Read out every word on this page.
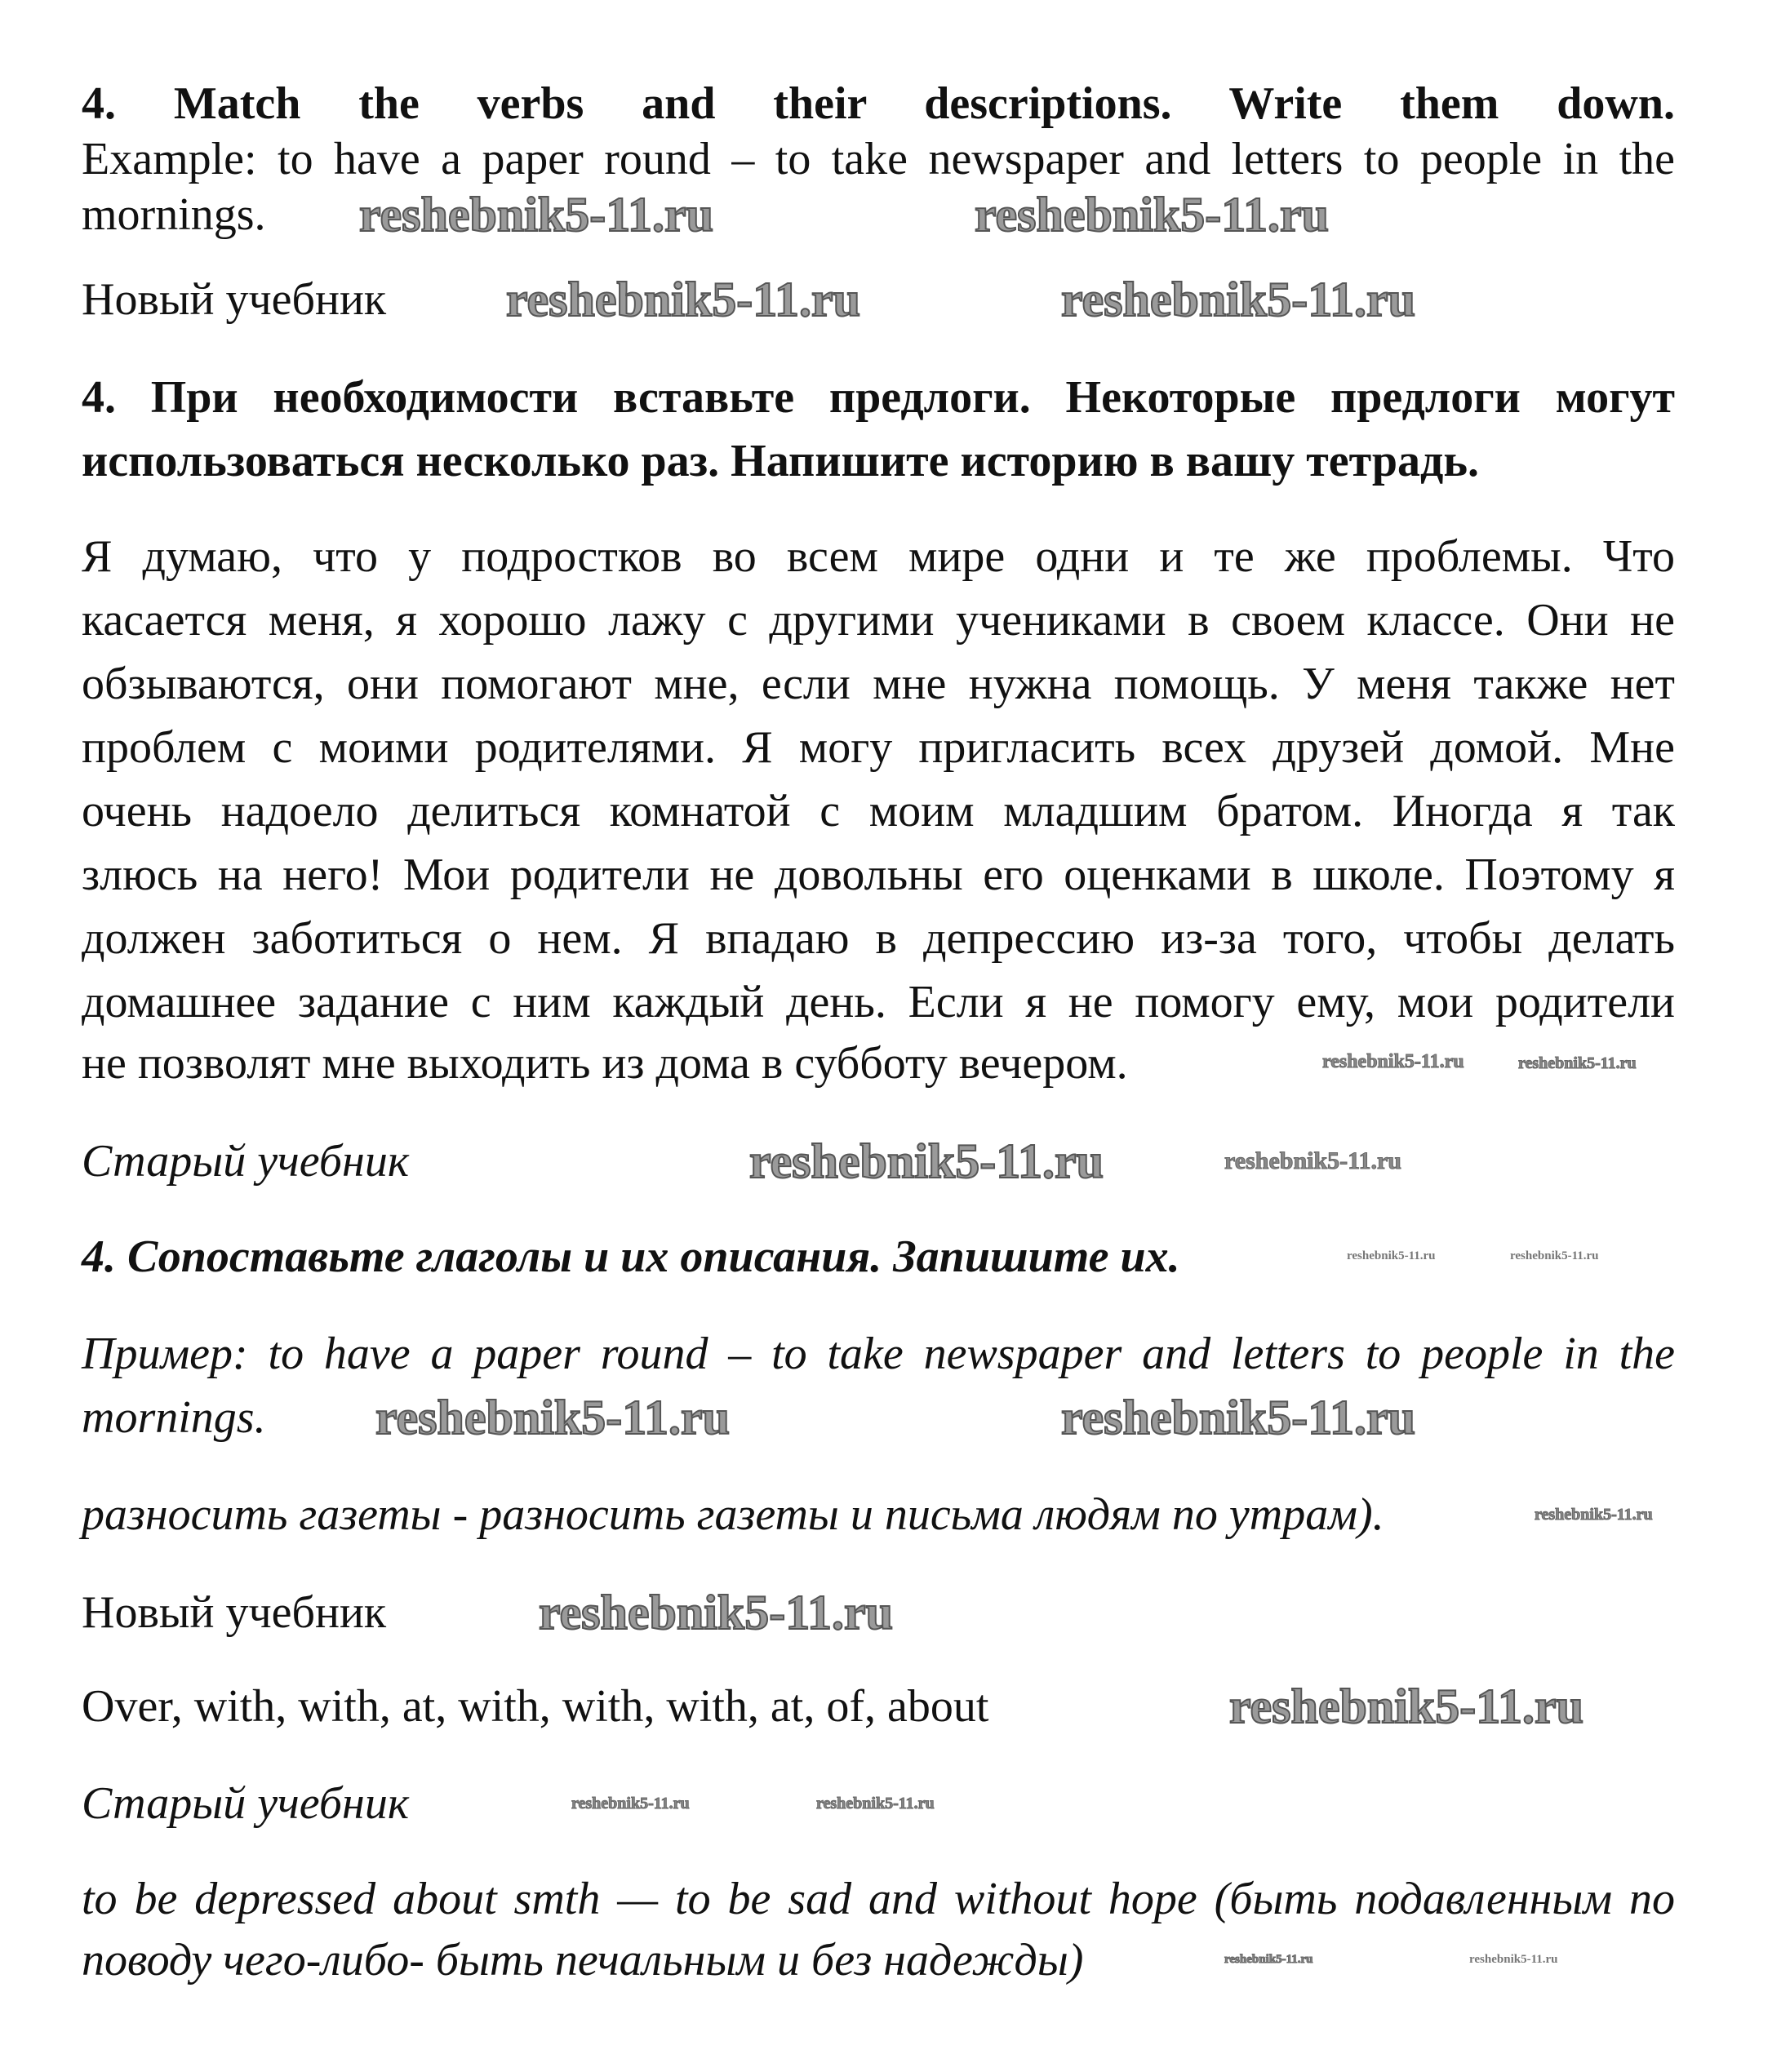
4. Match the verbs and their descriptions. Write them down.

Example: to have a paper round – to take newspaper and letters to people in the

mornings.

Новый учебник

4. При необходимости вставьте предлоги. Некоторые предлоги могут

использоваться несколько раз. Напишите историю в вашу тетрадь.

Я думаю, что у подростков во всем мире одни и те же проблемы. Что

касается меня, я хорошо лажу с другими учениками в своем классе. Они не

обзываются, они помогают мне, если мне нужна помощь. У меня также нет

проблем с моими родителями. Я могу пригласить всех друзей домой. Мне

очень надоело делиться комнатой с моим младшим братом. Иногда я так

злюсь на него! Мои родители не довольны его оценками в школе. Поэтому я

должен заботиться о нем. Я впадаю в депрессию из-за того, чтобы делать

домашнее задание с ним каждый день. Если я не помогу ему, мои родители

не позволят мне выходить из дома в субботу вечером.

Старый учебник

4. Сопоставьте глаголы и их описания. Запишите их.

Пример: to have a paper round – to take newspaper and letters to people in the

mornings.

разносить газеты - разносить газеты и письма людям по утрам).

Новый учебник

Over, with, with, at, with, with, with, at, of, about

Старый учебник

to be depressed about smth — to be sad and without hope (быть подавленным по

поводу чего-либо- быть печальным и без надежды)

reshebnik5-11.ru	reshebnik5-11.ru
reshebnik5-11.ru	reshebnik5-11.ru
reshebnik5-11.ru
reshebnik5-11.ru	reshebnik5-11.ru
reshebnik5-11.ru
reshebnik5-11.ru
reshebnik5-11.ru
reshebnik5-11.ru	reshebnik5-11.ru
reshebnik5-11.ru
reshebnik5-11.ru	reshebnik5-11.ru
reshebnik5-11.ru
reshebnik5-11.ru	reshebnik5-11.ru
reshebnik5-11.ru
